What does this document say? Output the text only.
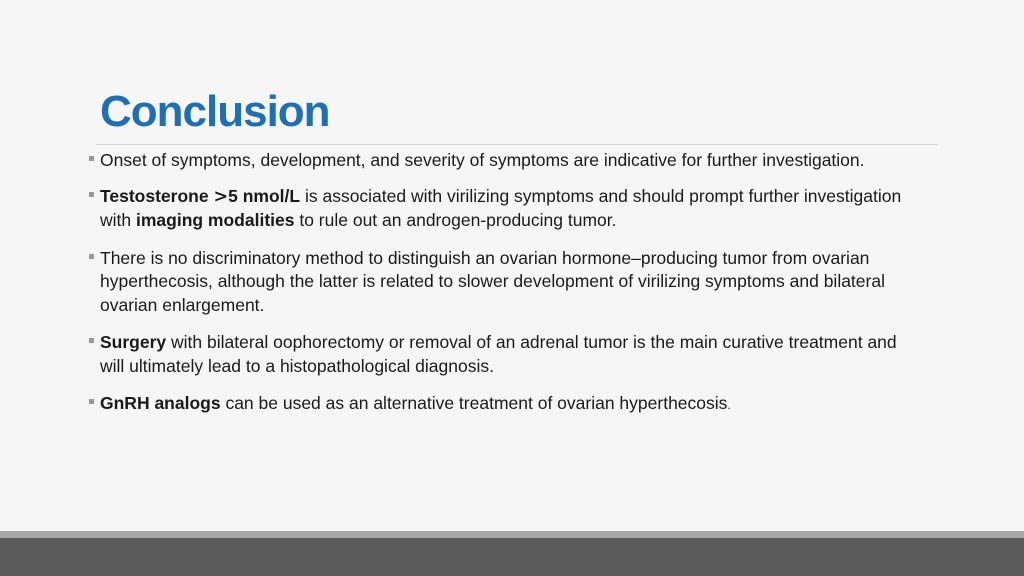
Conclusion
Onset of symptoms, development, and severity of symptoms are indicative for further investigation.
Testosterone >5 nmol/L is associated with virilizing symptoms and should prompt further investigation with imaging modalities to rule out an androgen-producing tumor.
There is no discriminatory method to distinguish an ovarian hormone–producing tumor from ovarian hyperthecosis, although the latter is related to slower development of virilizing symptoms and bilateral ovarian enlargement.
Surgery with bilateral oophorectomy or removal of an adrenal tumor is the main curative treatment and will ultimately lead to a histopathological diagnosis.
GnRH analogs can be used as an alternative treatment of ovarian hyperthecosis.
